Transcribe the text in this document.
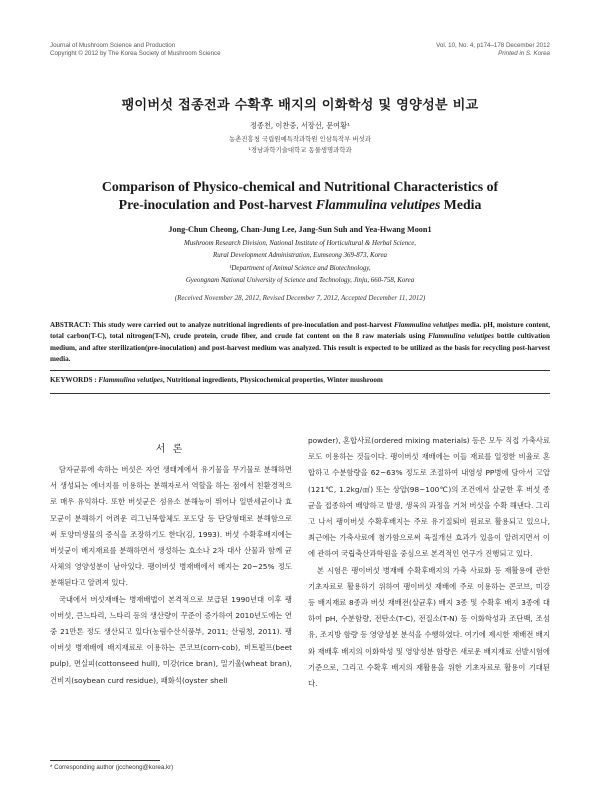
Journal of Mushroom Science and Production
Copyright © 2012 by The Korea Society of Mushroom Science
Vol. 10, No. 4, p174–178 December 2012
Printed in S. Korea
팽이버섯 접종전과 수확후 배지의 이화학성 및 영양성분 비교
정종천, 이찬중, 서장선, 문여황¹
농촌진흥청 국립원예특작과학원 인삼특작부 버섯과
¹경남과학기술대학교 동물생명과학과
Comparison of Physico-chemical and Nutritional Characteristics of
Pre-inoculation and Post-harvest Flammulina velutipes Media
Jong-Chun Cheong, Chan-Jung Lee, Jang-Sun Suh and Yea-Hwang Moon1
Mushroom Research Division, National Institute of Horticultural & Herbal Science,
Rural Development Administration, Eumseong 369-873, Korea
¹Department of Animal Science and Biotechnology,
Gyeongnam National University of Science and Technology, Jinju, 660-758, Korea
(Received November 28, 2012, Revised December 7, 2012, Accepted December 11, 2012)
ABSTRACT: This study were carried out to analyze nutritional ingredients of pre-inoculation and post-harvest Flammulina velutipes media. pH, moisture content, total carbon(T-C), total nitrogen(T-N), crude protein, crude fiber, and crude fat content on the 8 raw materials using Flammulina velutipes bottle cultivation medium, and after sterilization(pre-inoculation) and post-harvest medium was analyzed. This result is expected to be utilized as the basis for recycling post-harvest media.
KEYWORDS : Flammulina velutipes, Nutritional ingredients, Physicochemical properties, Winter mushroom
서 론

담자균류에 속하는 버섯은 자연 생태계에서 유기물을 무기물로 분해하면서 생성되는 에너지를 이용하는 분해자로서 역할을 하는 점에서 친환경적으로 매우 유익하다. 또한 버섯균은 섬유소 분해능이 뛰어나 일반세균이나 효모균이 분해하기 어려운 리그닌복합체도 포도당 등 단당형태로 분해함으로써 토양미생물의 증식을 조장하기도 한다(김, 1993). 버섯 수확후배지에는 버섯균이 배지재료를 분해하면서 생성하는 효소나 2차 대사 산물과 함께 균사체의 영양성분이 남아있다. 팽이버섯 병재배에서 배지는 20~25% 정도 분해된다고 알려져 있다.

국내에서 버섯재배는 병재배법이 본격적으로 보급된 1990년대 이후 팽이버섯, 큰느타리, 느타리 등의 생산량이 꾸준이 증가하여 2010년도에는 연중 21만톤 정도 생산되고 있다(농림수산식품부, 2011; 산림청, 2011). 팽이버섯 병재배에 배지재료로 이용하는 콘코브(corn-cob), 비트펄프(beet pulp), 면실피(cottonseed hull), 미강(rice bran), 밀기울(wheat bran), 건비지(soybean curd residue), 패화석(oyster shell

powder), 혼합사료(ordered mixing materials) 등은 모두 직접 가축사료로도 이용하는 것들이다. 팽이버섯 재배에는 이들 재료를 일정한 비율로 혼합하고 수분함량을 62~63% 정도로 조절하여 내염성 PP병에 담아서 고압(121℃, 1.2kg/㎠) 또는 상압(98~100℃)의 조건에서 살균한 후 버섯 종균을 접종하여 배양하고 발생, 생육의 과정을 거쳐 버섯을 수확 해낸다. 그리고 나서 팽이버섯 수확후배지는 주로 유기질퇴비 원료로 활용되고 있으나, 최근에는 가축사료에 첨가함으로써 육질개선 효과가 있음이 알려지면서 이에 관하여 국립축산과학원을 중심으로 본격적인 연구가 진행되고 있다.

본 시험은 팽이버섯 병재배 수확후배지의 가축 사료화 등 재활용에 관한 기초자료로 활용하기 위하여 팽이버섯 재배에 주로 이용하는 콘코브, 미강 등 배지재료 8종과 버섯 재배전(살균후) 배지 3종 및 수확후 배지 3종에 대하여 pH, 수분함량, 전탄소(T-C), 전질소(T-N) 등 이화학성과 조단백, 조섬유, 조지방 함량 등 영양성분 분석을 수행하였다. 여기에 제시한 재배전 배지와 재배후 배지의 이화학성 및 영양성분 함량은 새로운 배지재료 선발시험에 기준으로, 그리고 수확후 배지의 재활용을 위한 기초자료로 활용이 기대된다.

* Corresponding author (jccheong@korea.kr)
